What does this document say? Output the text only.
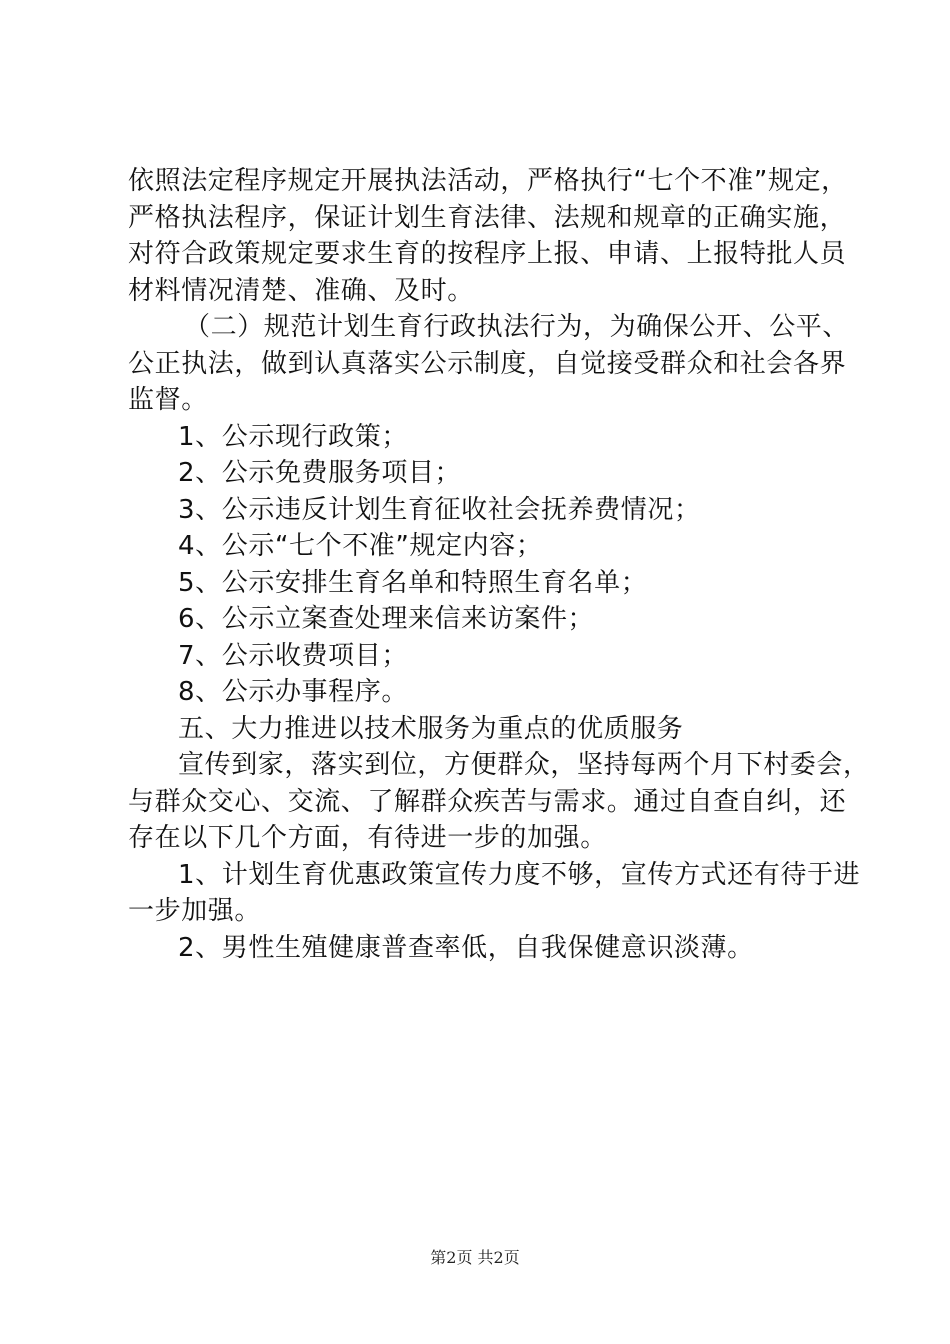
依照法定程序规定开展执法活动，严格执行“七个不准”规定，
严格执法程序，保证计划生育法律、法规和规章的正确实施，
对符合政策规定要求生育的按程序上报、申请、上报特批人员
材料情况清楚、准确、及时。
（二）规范计划生育行政执法行为，为确保公开、公平、
公正执法，做到认真落实公示制度，自觉接受群众和社会各界
监督。
1、公示现行政策；
2、公示免费服务项目；
3、公示违反计划生育征收社会抚养费情况；
4、公示“七个不准”规定内容；
5、公示安排生育名单和特照生育名单；
6、公示立案查处理来信来访案件；
7、公示收费项目；
8、公示办事程序。
五、大力推进以技术服务为重点的优质服务
宣传到家，落实到位，方便群众，坚持每两个月下村委会，
与群众交心、交流、了解群众疾苦与需求。通过自查自纠，还
存在以下几个方面，有待进一步的加强。
1、计划生育优惠政策宣传力度不够，宣传方式还有待于进
一步加强。
2、男性生殖健康普查率低，自我保健意识淡薄。
第2页 共2页
